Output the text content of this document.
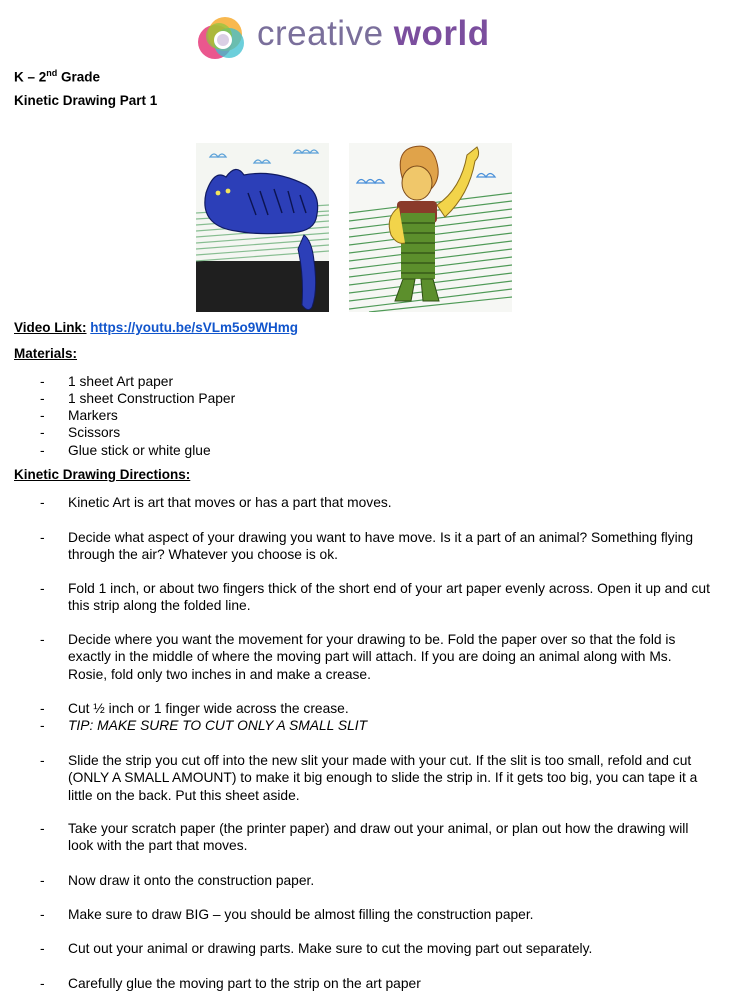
creative world
K – 2nd Grade
Kinetic Drawing Part 1
Video Link: https://youtu.be/sVLm5o9WHmg
Materials:
- 1 sheet Art paper
- 1 sheet Construction Paper
- Markers
- Scissors
- Glue stick or white glue
Kinetic Drawing Directions:
- Kinetic Art is art that moves or has a part that moves.
- Decide what aspect of your drawing you want to have move. Is it a part of an animal? Something flying through the air? Whatever you choose is ok.
- Fold 1 inch, or about two fingers thick of the short end of your art paper evenly across. Open it up and cut this strip along the folded line.
- Decide where you want the movement for your drawing to be. Fold the paper over so that the fold is exactly in the middle of where the moving part will attach. If you are doing an animal along with Ms. Rosie, fold only two inches in and make a crease.
- Cut ½ inch or 1 finger wide across the crease.
- TIP: MAKE SURE TO CUT ONLY A SMALL SLIT
- Slide the strip you cut off into the new slit your made with your cut. If the slit is too small, refold and cut (ONLY A SMALL AMOUNT) to make it big enough to slide the strip in. If it gets too big, you can tape it a little on the back. Put this sheet aside.
- Take your scratch paper (the printer paper) and draw out your animal, or plan out how the drawing will look with the part that moves.
- Now draw it onto the construction paper.
- Make sure to draw BIG – you should be almost filling the construction paper.
- Cut out your animal or drawing parts. Make sure to cut the moving part out separately.
- Carefully glue the moving part to the strip on the art paper
